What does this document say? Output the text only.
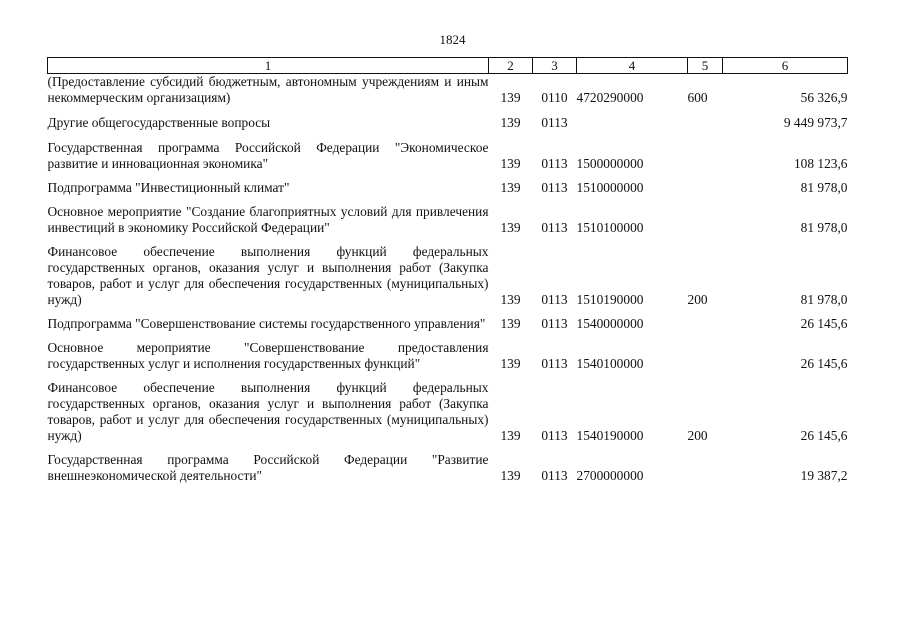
1824
1	2	3	4	5	6
(Предоставление субсидий бюджетным, автономным учреждениям и иным некоммерческим организациям)	139	0110	4720290000	600	56 326,9
Другие общегосударственные вопросы	139	0113			9 449 973,7
Государственная программа Российской Федерации "Экономическое развитие и инновационная экономика"	139	0113	1500000000		108 123,6
Подпрограмма "Инвестиционный климат"	139	0113	1510000000		81 978,0
Основное мероприятие "Создание благоприятных условий для привлечения инвестиций в экономику Российской Федерации"	139	0113	1510100000		81 978,0
Финансовое обеспечение выполнения функций федеральных государственных органов, оказания услуг и выполнения работ (Закупка товаров, работ и услуг для обеспечения государственных (муниципальных) нужд)	139	0113	1510190000	200	81 978,0
Подпрограмма "Совершенствование системы государственного управления"	139	0113	1540000000		26 145,6
Основное мероприятие "Совершенствование предоставления государственных услуг и исполнения государственных функций"	139	0113	1540100000		26 145,6
Финансовое обеспечение выполнения функций федеральных государственных органов, оказания услуг и выполнения работ (Закупка товаров, работ и услуг для обеспечения государственных (муниципальных) нужд)	139	0113	1540190000	200	26 145,6
Государственная программа Российской Федерации "Развитие внешнеэкономической деятельности"	139	0113	2700000000		19 387,2
